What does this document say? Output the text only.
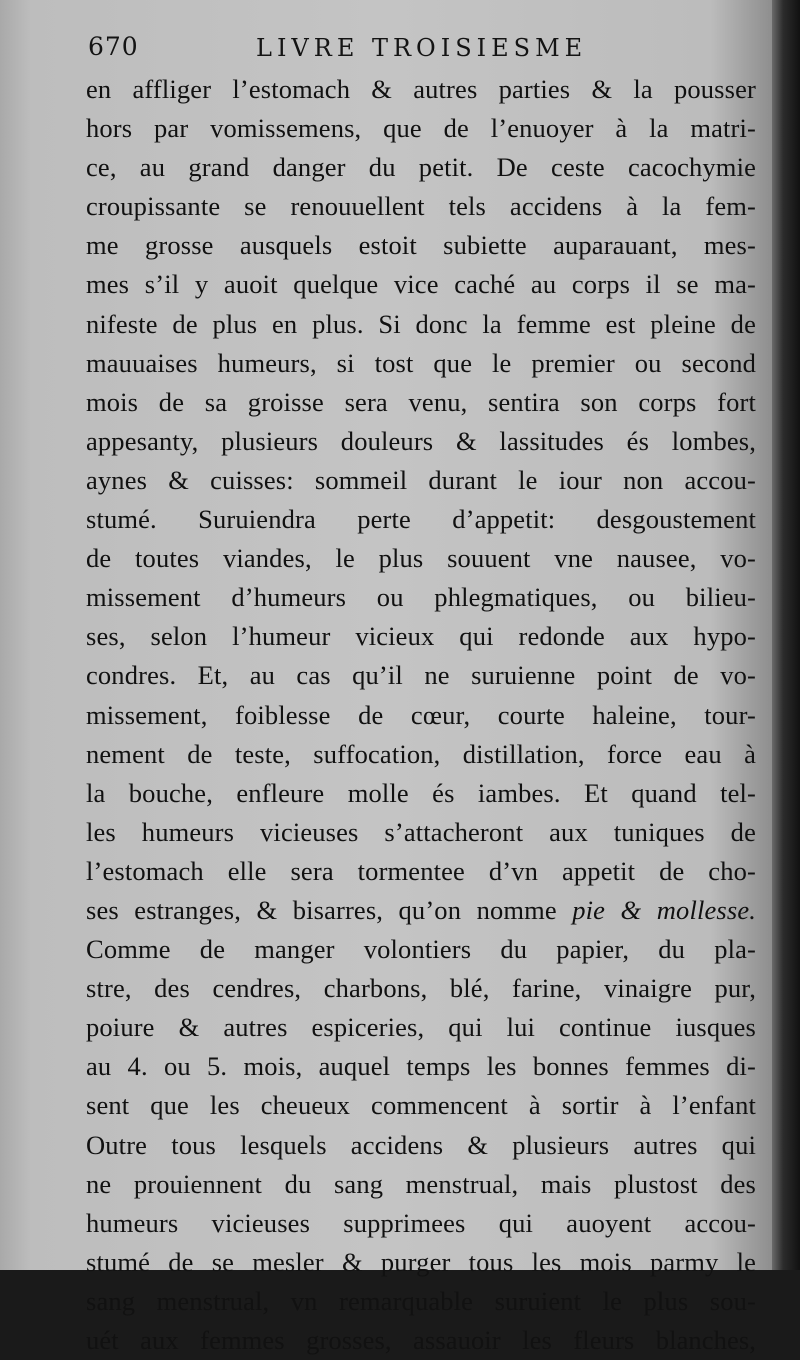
670	LIVRE TROISIESME
en affliger l’estomach & autres parties & la pousser
hors par vomissemens, que de l’enuoyer à la matri-
ce, au grand danger du petit. De ceste cacochymie
croupissante se renouuellent tels accidens à la fem-
me grosse ausquels estoit subiette auparauant, mes-
mes s’il y auoit quelque vice caché au corps il se ma-
nifeste de plus en plus. Si donc la femme est pleine de
mauuaises humeurs, si tost que le premier ou second
mois de sa groisse sera venu, sentira son corps fort
appesanty, plusieurs douleurs & lassitudes és lombes,
aynes & cuisses: sommeil durant le iour non accou-
stumé. Suruiendra perte d’appetit: desgoustement
de toutes viandes, le plus souuent vne nausee, vo-
missement d’humeurs ou phlegmatiques, ou bilieu-
ses, selon l’humeur vicieux qui redonde aux hypo-
condres. Et, au cas qu’il ne suruienne point de vo-
missement, foiblesse de cœur, courte haleine, tour-
nement de teste, suffocation, distillation, force eau à
la bouche, enfleure molle és iambes. Et quand tel-
les humeurs vicieuses s’attacheront aux tuniques de
l’estomach elle sera tormentee d’vn appetit de cho-
ses estranges, & bisarres, qu’on nomme pie & mollesse.
Comme de manger volontiers du papier, du pla-
stre, des cendres, charbons, blé, farine, vinaigre pur,
poiure & autres espiceries, qui lui continue iusques
au 4. ou 5. mois, auquel temps les bonnes femmes di-
sent que les cheueux commencent à sortir à l’enfant
Outre tous lesquels accidens & plusieurs autres qui
ne prouiennent du sang menstrual, mais plustost des
humeurs vicieuses supprimees qui auoyent accou-
stumé de se mesler & purger tous les mois parmy le
sang menstrual, vn remarquable suruient le plus sou-
uét aux femmes grosses, assauoir les fleurs blanches,
